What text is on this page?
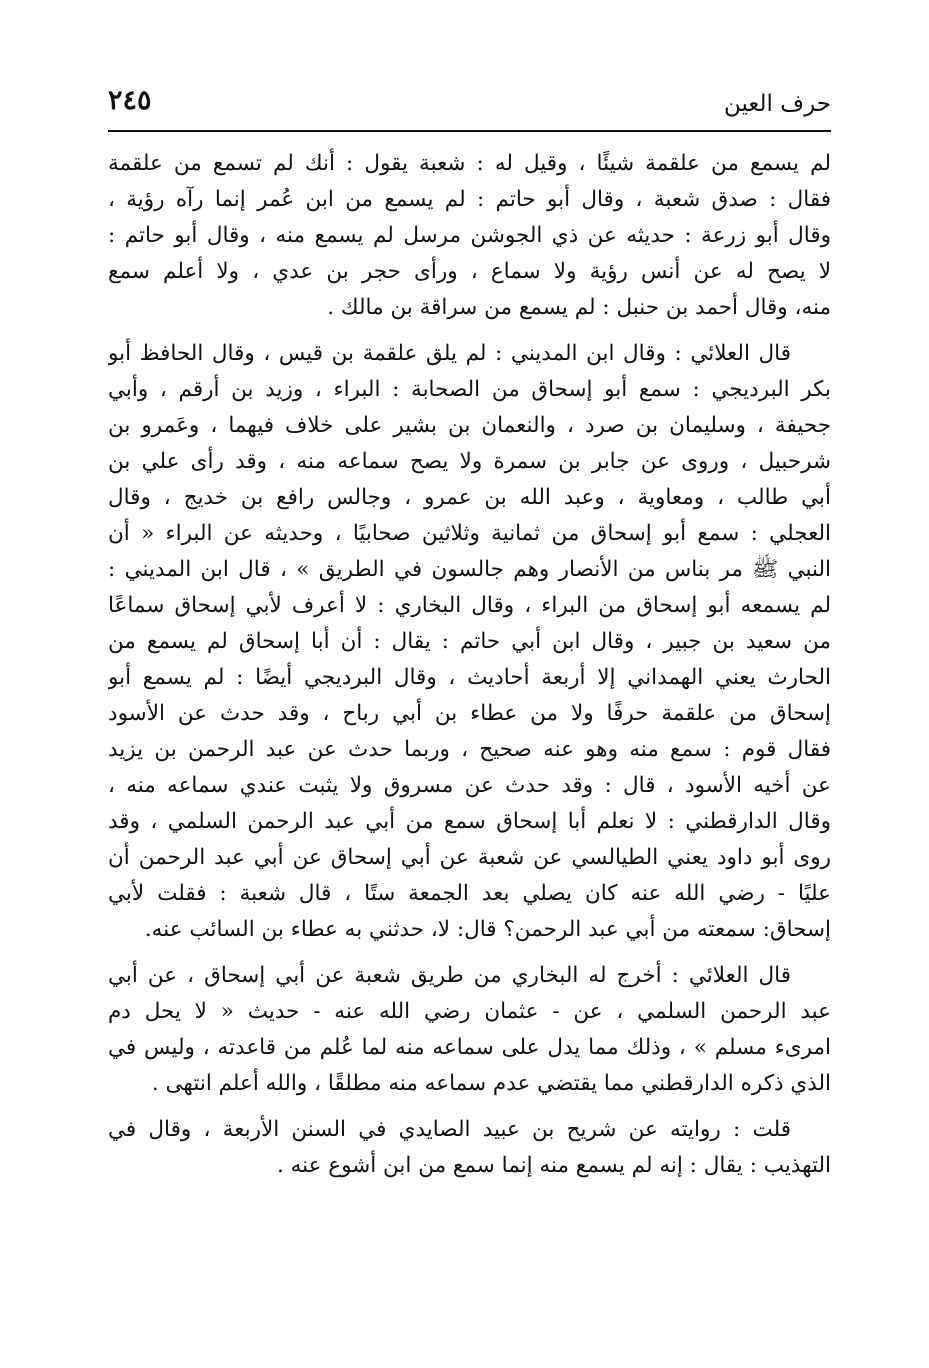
٢٤٥	حرف العين
لم يسمع من علقمة شيئًا ، وقيل له : شعبة يقول : أنك لم تسمع من علقمة
فقال : صدق شعبة ، وقال أبو حاتم : لم يسمع من ابن عُمر إنما رآه رؤية ،
وقال أبو زرعة : حديثه عن ذي الجوشن مرسل لم يسمع منه ، وقال أبو حاتم :
لا يصح له عن أنس رؤية ولا سماع ، ورأى حجر بن عدي ، ولا أعلم سمع
منه، وقال أحمد بن حنبل : لم يسمع من سراقة بن مالك .
قال العلائي : وقال ابن المديني : لم يلق علقمة بن قيس ، وقال الحافظ أبو
بكر البرديجي : سمع أبو إسحاق من الصحابة : البراء ، وزيد بن أرقم ، وأبي
جحيفة ، وسليمان بن صرد ، والنعمان بن بشير على خلاف فيهما ، وعَمرو بن
شرحبيل ، وروى عن جابر بن سمرة ولا يصح سماعه منه ، وقد رأى علي بن
أبي طالب ، ومعاوية ، وعبد الله بن عمرو ، وجالس رافع بن خديج ، وقال
العجلي : سمع أبو إسحاق من ثمانية وثلاثين صحابيًا ، وحديثه عن البراء « أن
النبي ﷺ مر بناس من الأنصار وهم جالسون في الطريق » ، قال ابن المديني :
لم يسمعه أبو إسحاق من البراء ، وقال البخاري : لا أعرف لأبي إسحاق سماعًا
من سعيد بن جبير ، وقال ابن أبي حاتم : يقال : أن أبا إسحاق لم يسمع من
الحارث يعني الهمداني إلا أربعة أحاديث ، وقال البرديجي أيضًا : لم يسمع أبو
إسحاق من علقمة حرفًا ولا من عطاء بن أبي رباح ، وقد حدث عن الأسود
فقال قوم : سمع منه وهو عنه صحيح ، وربما حدث عن عبد الرحمن بن يزيد
عن أخيه الأسود ، قال : وقد حدث عن مسروق ولا يثبت عندي سماعه منه ،
وقال الدارقطني : لا نعلم أبا إسحاق سمع من أبي عبد الرحمن السلمي ، وقد
روى أبو داود يعني الطيالسي عن شعبة عن أبي إسحاق عن أبي عبد الرحمن أن
عليًا - رضي الله عنه كان يصلي بعد الجمعة ستًا ، قال شعبة : فقلت لأبي
إسحاق: سمعته من أبي عبد الرحمن؟ قال: لا، حدثني به عطاء بن السائب عنه.
قال العلائي : أخرج له البخاري من طريق شعبة عن أبي إسحاق ، عن أبي
عبد الرحمن السلمي ، عن - عثمان رضي الله عنه - حديث « لا يحل دم
امرىء مسلم » ، وذلك مما يدل على سماعه منه لما عُلم من قاعدته ، وليس في
الذي ذكره الدارقطني مما يقتضي عدم سماعه منه مطلقًا ، والله أعلم انتهى .
قلت : روايته عن شريح بن عبيد الصايدي في السنن الأربعة ، وقال في
التهذيب : يقال : إنه لم يسمع منه إنما سمع من ابن أشوع عنه .
